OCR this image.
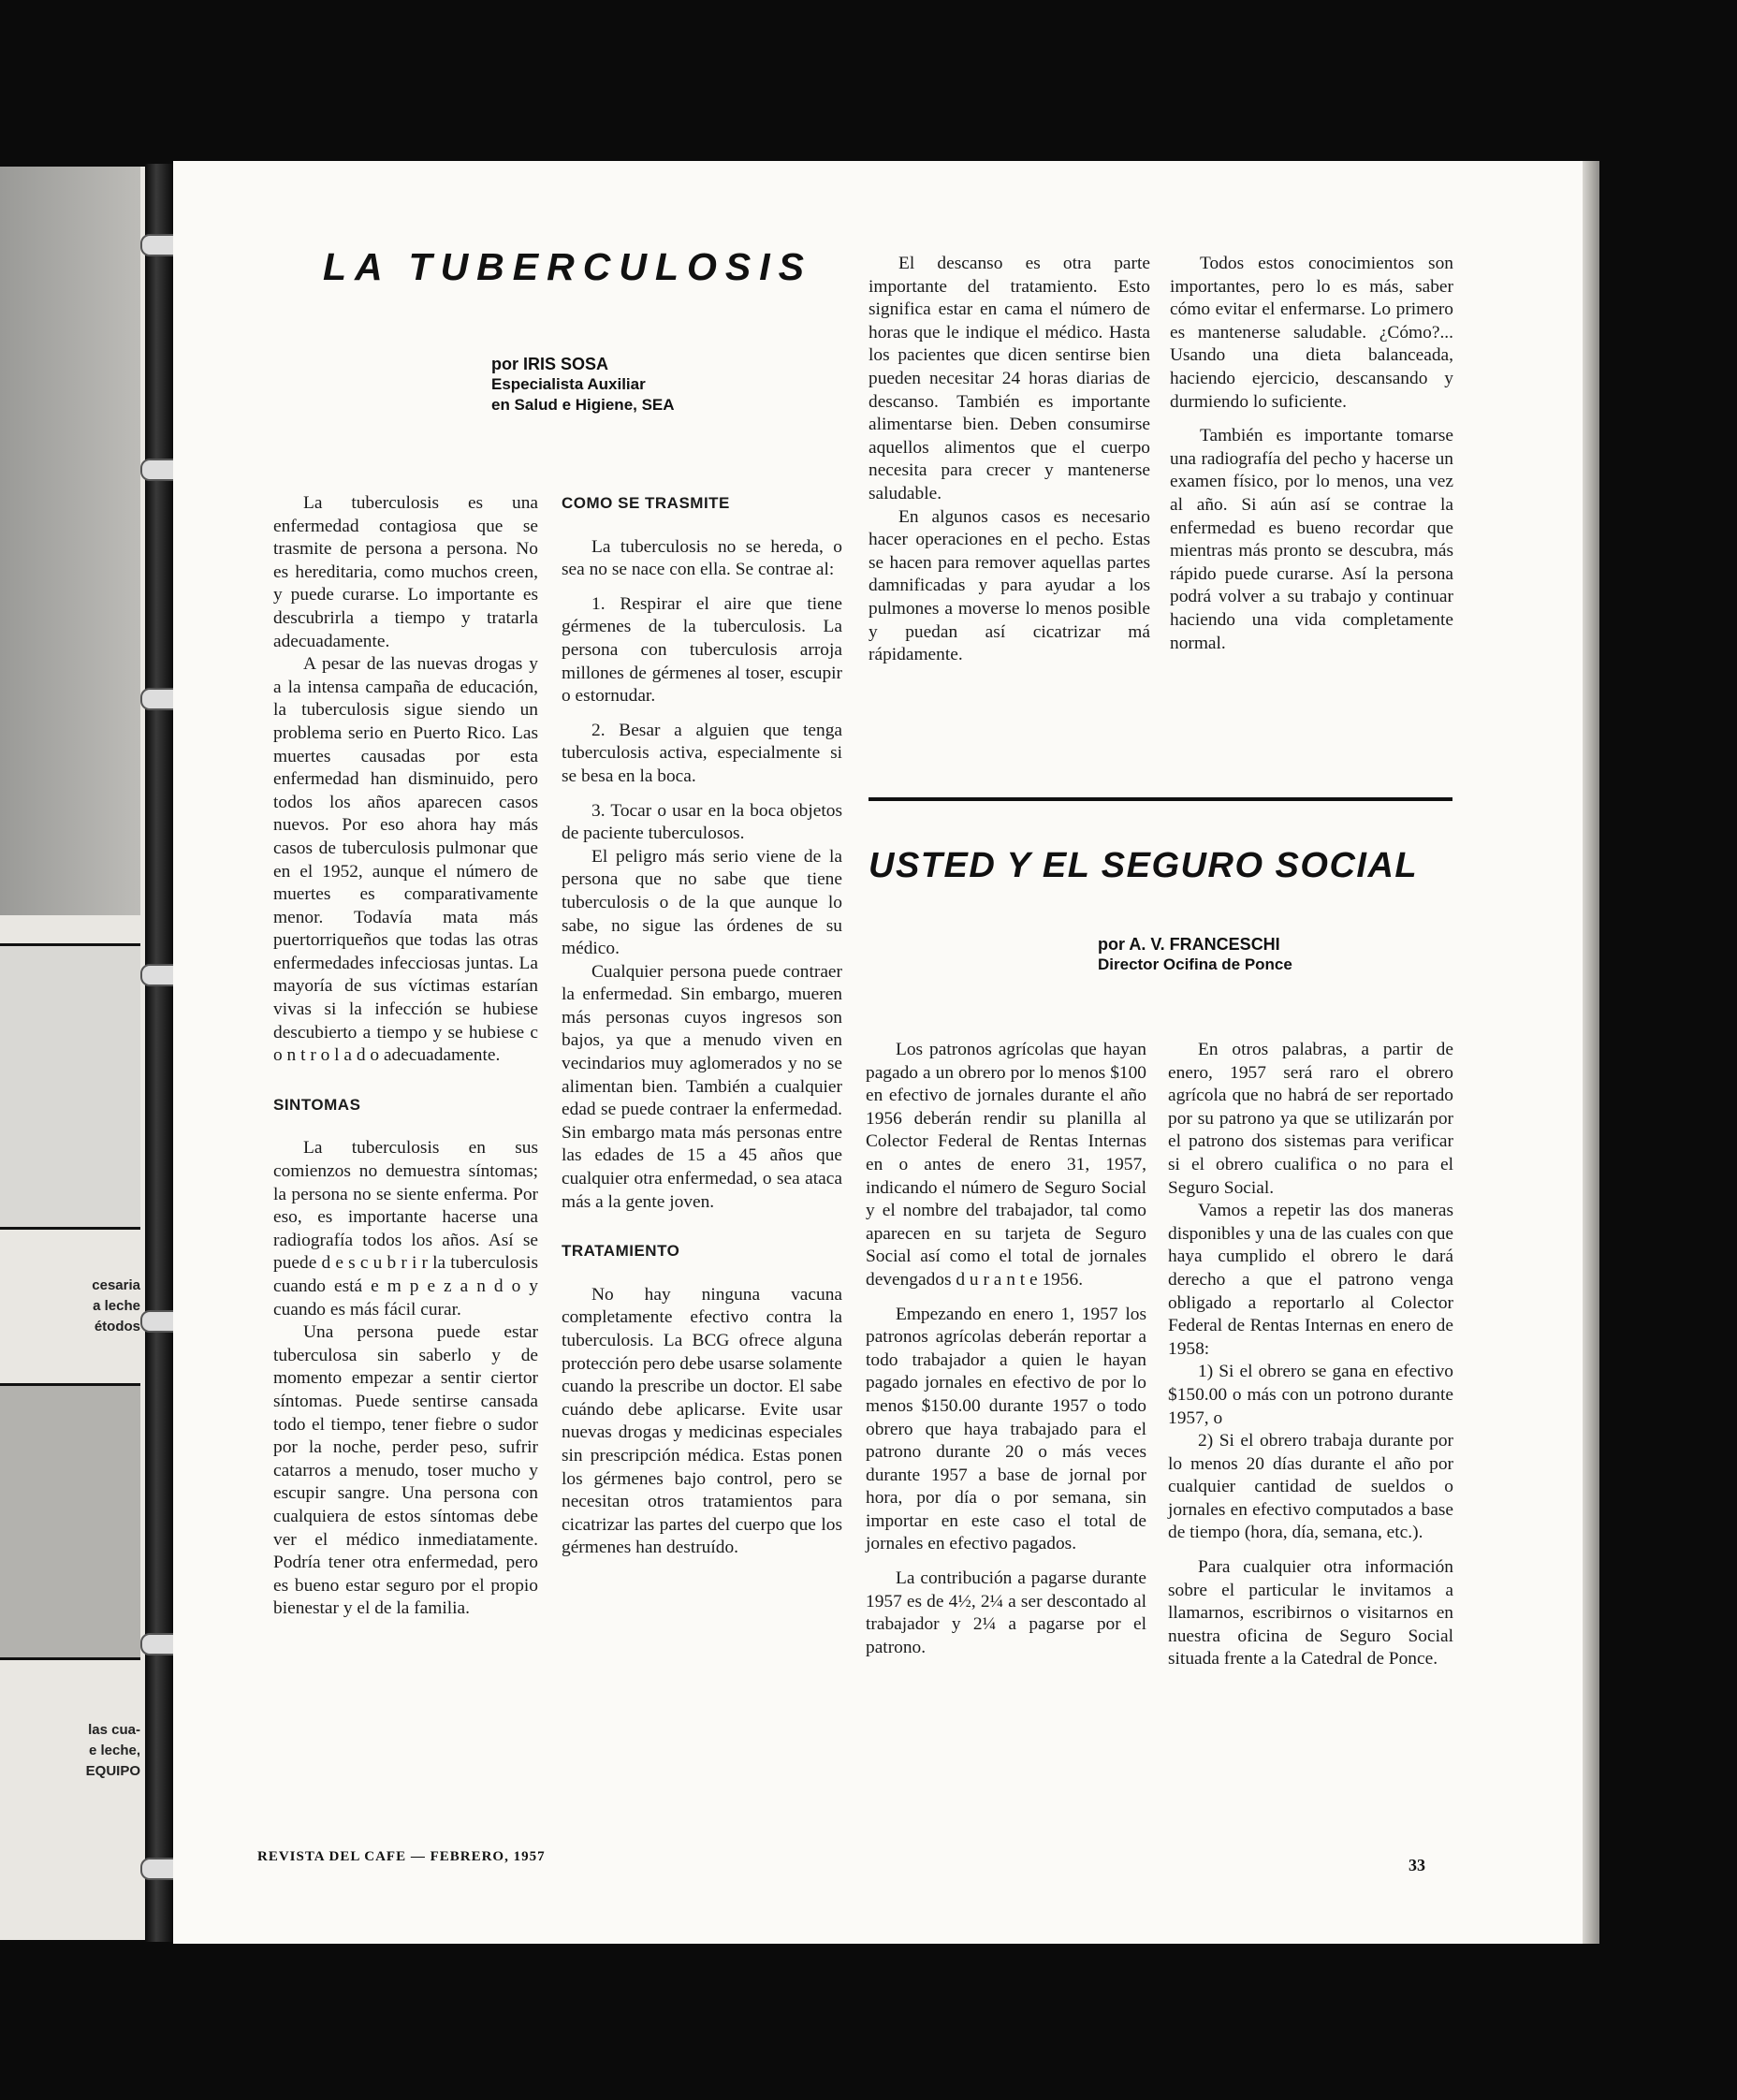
cesaria
a leche
étodos
las cua-
e leche,
EQUIPO
LA TUBERCULOSIS
por IRIS SOSA
Especialista Auxiliar
en Salud e Higiene, SEA

La tuberculosis es una enfermedad contagiosa que se trasmite de persona a persona. No es hereditaria, como muchos creen, y puede curarse. Lo importante es descubrirla a tiempo y tratarla adecuadamente.

A pesar de las nuevas drogas y a la intensa campaña de educación, la tuberculosis sigue siendo un problema serio en Puerto Rico. Las muertes causadas por esta enfermedad han disminuido, pero todos los años aparecen casos nuevos. Por eso ahora hay más casos de tuberculosis pulmonar que en el 1952, aunque el número de muertes es comparativamente menor. Todavía mata más puertorriqueños que todas las otras enfermedades infecciosas juntas. La mayoría de sus víctimas estarían vivas si la infección se hubiese descubierto a tiempo y se hubiese c o n t r o l a d o adecuadamente.

SINTOMAS

La tuberculosis en sus comienzos no demuestra síntomas; la persona no se siente enferma. Por eso, es importante hacerse una radiografía todos los años. Así se puede d e s c u b r i r la tuberculosis cuando está e m p e z a n d o y cuando es más fácil curar.

Una persona puede estar tuberculosa sin saberlo y de momento empezar a sentir ciertor síntomas. Puede sentirse cansada todo el tiempo, tener fiebre o sudor por la noche, perder peso, sufrir catarros a menudo, toser mucho y escupir sangre. Una persona con cualquiera de estos síntomas debe ver el médico inmediatamente. Podría tener otra enfermedad, pero es bueno estar seguro por el propio bienestar y el de la familia.

COMO SE TRASMITE

La tuberculosis no se hereda, o sea no se nace con ella. Se contrae al:

1. Respirar el aire que tiene gérmenes de la tuberculosis. La persona con tuberculosis arroja millones de gérmenes al toser, escupir o estornudar.

2. Besar a alguien que tenga tuberculosis activa, especialmente si se besa en la boca.

3. Tocar o usar en la boca objetos de paciente tuberculosos.

El peligro más serio viene de la persona que no sabe que tiene tuberculosis o de la que aunque lo sabe, no sigue las órdenes de su médico.

Cualquier persona puede contraer la enfermedad. Sin embargo, mueren más personas cuyos ingresos son bajos, ya que a menudo viven en vecindarios muy aglomerados y no se alimentan bien. También a cualquier edad se puede contraer la enfermedad. Sin embargo mata más personas entre las edades de 15 a 45 años que cualquier otra enfermedad, o sea ataca más a la gente joven.

TRATAMIENTO

No hay ninguna vacuna completamente efectivo contra la tuberculosis. La BCG ofrece alguna protección pero debe usarse solamente cuando la prescribe un doctor. El sabe cuándo debe aplicarse. Evite usar nuevas drogas y medicinas especiales sin prescripción médica. Estas ponen los gérmenes bajo control, pero se necesitan otros tratamientos para cicatrizar las partes del cuerpo que los gérmenes han destruído.

El descanso es otra parte importante del tratamiento. Esto significa estar en cama el número de horas que le indique el médico. Hasta los pacientes que dicen sentirse bien pueden necesitar 24 horas diarias de descanso. También es importante alimentarse bien. Deben consumirse aquellos alimentos que el cuerpo necesita para crecer y mantenerse saludable.

En algunos casos es necesario hacer operaciones en el pecho. Estas se hacen para remover aquellas partes damnificadas y para ayudar a los pulmones a moverse lo menos posible y puedan así cicatrizar má rápidamente.

Todos estos conocimientos son importantes, pero lo es más, saber cómo evitar el enfermarse. Lo primero es mantenerse saludable. ¿Cómo?... Usando una dieta balanceada, haciendo ejercicio, descansando y durmiendo lo suficiente.

También es importante tomarse una radiografía del pecho y hacerse un examen físico, por lo menos, una vez al año. Si aún así se contrae la enfermedad es bueno recordar que mientras más pronto se descubra, más rápido puede curarse. Así la persona podrá volver a su trabajo y continuar haciendo una vida completamente normal.

USTED Y EL SEGURO SOCIAL
por A. V. FRANCESCHI
Director Ocifina de Ponce

Los patronos agrícolas que hayan pagado a un obrero por lo menos $100 en efectivo de jornales durante el año 1956 deberán rendir su planilla al Colector Federal de Rentas Internas en o antes de enero 31, 1957, indicando el número de Seguro Social y el nombre del trabajador, tal como aparecen en su tarjeta de Seguro Social así como el total de jornales devengados d u r a n t e 1956.

Empezando en enero 1, 1957 los patronos agrícolas deberán reportar a todo trabajador a quien le hayan pagado jornales en efectivo de por lo menos $150.00 durante 1957 o todo obrero que haya trabajado para el patrono durante 20 o más veces durante 1957 a base de jornal por hora, por día o por semana, sin importar en este caso el total de jornales en efectivo pagados.

La contribución a pagarse durante 1957 es de 4½, 2¼ a ser descontado al trabajador y 2¼ a pagarse por el patrono.

En otros palabras, a partir de enero, 1957 será raro el obrero agrícola que no habrá de ser reportado por su patrono ya que se utilizarán por el patrono dos sistemas para verificar si el obrero cualifica o no para el Seguro Social.

Vamos a repetir las dos maneras disponibles y una de las cuales con que haya cumplido el obrero le dará derecho a que el patrono venga obligado a reportarlo al Colector Federal de Rentas Internas en enero de 1958:

1) Si el obrero se gana en efectivo $150.00 o más con un potrono durante 1957, o

2) Si el obrero trabaja durante por lo menos 20 días durante el año por cualquier cantidad de sueldos o jornales en efectivo computados a base de tiempo (hora, día, semana, etc.).

Para cualquier otra información sobre el particular le invitamos a llamarnos, escribirnos o visitarnos en nuestra oficina de Seguro Social situada frente a la Catedral de Ponce.

REVISTA DEL CAFE — FEBRERO, 1957	33
